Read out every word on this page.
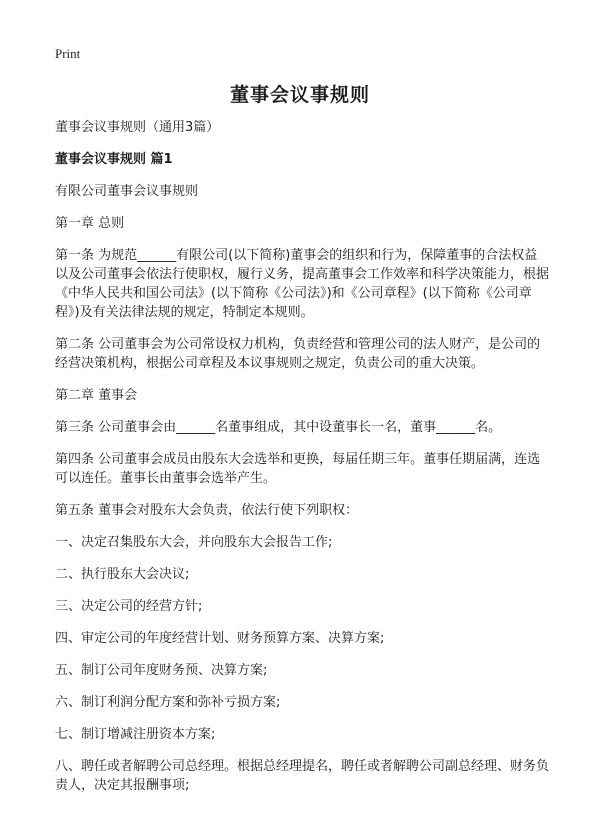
Print
董事会议事规则

董事会议事规则（通用3篇）

董事会议事规则 篇1

有限公司董事会议事规则

第一章 总则

第一条 为规范______有限公司(以下简称)董事会的组织和行为，保障董事的合法权益以及公司董事会依法行使职权，履行义务，提高董事会工作效率和科学决策能力，根据《中华人民共和国公司法》(以下简称《公司法》)和《公司章程》(以下简称《公司章程》)及有关法律法规的规定，特制定本规则。

第二条 公司董事会为公司常设权力机构，负责经营和管理公司的法人财产，是公司的经营决策机构，根据公司章程及本议事规则之规定，负责公司的重大决策。

第二章 董事会

第三条 公司董事会由______名董事组成，其中设董事长一名，董事______名。

第四条 公司董事会成员由股东大会选举和更换，每届任期三年。董事任期届满，连选可以连任。董事长由董事会选举产生。

第五条 董事会对股东大会负责，依法行使下列职权：

一、决定召集股东大会，并向股东大会报告工作;

二、执行股东大会决议;

三、决定公司的经营方针;

四、审定公司的年度经营计划、财务预算方案、决算方案;

五、制订公司年度财务预、决算方案;

六、制订利润分配方案和弥补亏损方案;

七、制订增减注册资本方案;

八、聘任或者解聘公司总经理。根据总经理提名，聘任或者解聘公司副总经理、财务负责人，决定其报酬事项;
